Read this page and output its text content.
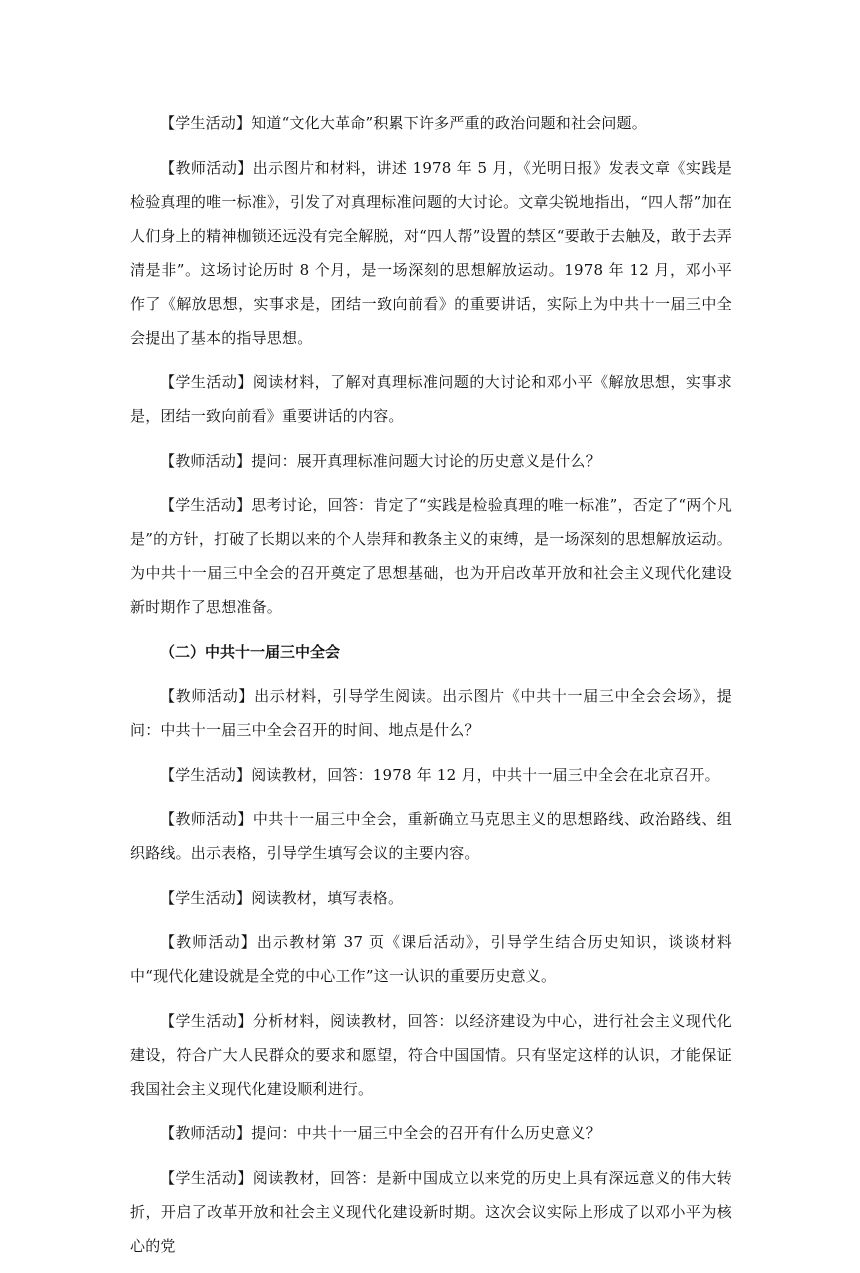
【学生活动】知道“文化大革命”积累下许多严重的政治问题和社会问题。

【教师活动】出示图片和材料，讲述 1978 年 5 月，《光明日报》发表文章《实践是检验真理的唯一标准》，引发了对真理标准问题的大讨论。文章尖锐地指出，“四人帮”加在人们身上的精神枷锁还远没有完全解脱，对“四人帮”设置的禁区“要敢于去触及，敢于去弄清是非”。这场讨论历时 8 个月，是一场深刻的思想解放运动。1978 年 12 月，邓小平作了《解放思想，实事求是，团结一致向前看》的重要讲话，实际上为中共十一届三中全会提出了基本的指导思想。

【学生活动】阅读材料，了解对真理标准问题的大讨论和邓小平《解放思想，实事求是，团结一致向前看》重要讲话的内容。

【教师活动】提问：展开真理标准问题大讨论的历史意义是什么？

【学生活动】思考讨论，回答：肯定了“实践是检验真理的唯一标准”，否定了“两个凡是”的方针，打破了长期以来的个人崇拜和教条主义的束缚，是一场深刻的思想解放运动。为中共十一届三中全会的召开奠定了思想基础，也为开启改革开放和社会主义现代化建设新时期作了思想准备。

（二）中共十一届三中全会

【教师活动】出示材料，引导学生阅读。出示图片《中共十一届三中全会会场》，提问：中共十一届三中全会召开的时间、地点是什么？

【学生活动】阅读教材，回答：1978 年 12 月，中共十一届三中全会在北京召开。

【教师活动】中共十一届三中全会，重新确立马克思主义的思想路线、政治路线、组织路线。出示表格，引导学生填写会议的主要内容。

【学生活动】阅读教材，填写表格。

【教师活动】出示教材第 37 页《课后活动》，引导学生结合历史知识，谈谈材料中“现代化建设就是全党的中心工作”这一认识的重要历史意义。

【学生活动】分析材料，阅读教材，回答：以经济建设为中心，进行社会主义现代化建设，符合广大人民群众的要求和愿望，符合中国国情。只有坚定这样的认识，才能保证我国社会主义现代化建设顺利进行。

【教师活动】提问：中共十一届三中全会的召开有什么历史意义？

【学生活动】阅读教材，回答：是新中国成立以来党的历史上具有深远意义的伟大转折，开启了改革开放和社会主义现代化建设新时期。这次会议实际上形成了以邓小平为核心的党
